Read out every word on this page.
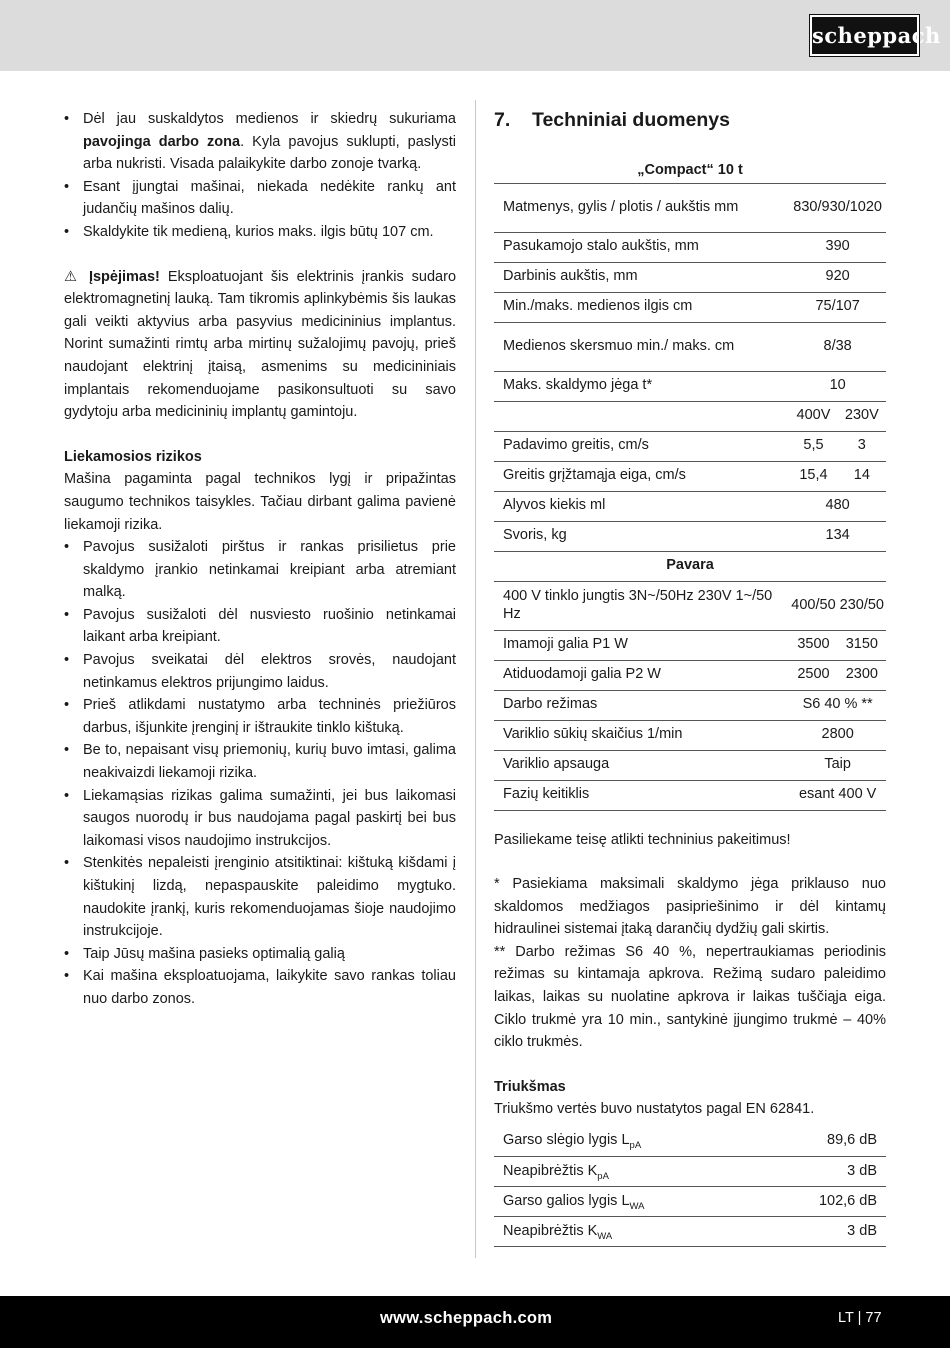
scheppach
• Dėl jau suskaldytos medienos ir skiedrų sukuriama pavojinga darbo zona. Kyla pavojus suklupti, paslysti arba nukristi. Visada palaikykite darbo zonoje tvarką.
• Esant įjungtai mašinai, niekada nedėkite rankų ant judančių mašinos dalių.
• Skaldykite tik medieną, kurios maks. ilgis būtų 107 cm.

⚠ Įspėjimas! Eksploatuojant šis elektrinis įrankis sudaro elektromagnetinį lauką. Tam tikromis aplinkybėmis šis laukas gali veikti aktyvius arba pasyvius medicininius implantus. Norint sumažinti rimtų arba mirtinų sužalojimų pavojų, prieš naudojant elektrinį įtaisą, asmenims su medicininiais implantais rekomenduojame pasikonsultuoti su savo gydytoju arba medicininių implantų gamintoju.

Liekamosios rizikos

Mašina pagaminta pagal technikos lygį ir pripažintas saugumo technikos taisykles. Tačiau dirbant galima pavienė liekamoji rizika.

• Pavojus susižaloti pirštus ir rankas prisilietus prie skaldymo įrankio netinkamai kreipiant arba atremiant malką.
• Pavojus susižaloti dėl nusviesto ruošinio netinkamai laikant arba kreipiant.
• Pavojus sveikatai dėl elektros srovės, naudojant netinkamus elektros prijungimo laidus.
• Prieš atlikdami nustatymo arba techninės priežiūros darbus, išjunkite įrenginį ir ištraukite tinklo kištuką.
• Be to, nepaisant visų priemonių, kurių buvo imtasi, galima neakivaizdi liekamoji rizika.
• Liekamąsias rizikas galima sumažinti, jei bus laikomasi saugos nuorodų ir bus naudojama pagal paskirtį bei bus laikomasi visos naudojimo instrukcijos.
• Stenkitės nepaleisti įrenginio atsitiktinai: kištuką kišdami į kištukinį lizdą, nepaspauskite paleidimo mygtuko. naudokite įrankį, kuris rekomenduojamas šioje naudojimo instrukcijoje.
• Taip Jūsų mašina pasieks optimalią galią
• Kai mašina eksploatuojama, laikykite savo rankas toliau nuo darbo zonos.
7. Techniniai duomenys
„Compact“ 10 t		
Matmenys, gylis / plotis / aukštis mm	830/930/1020	
Pasukamojo stalo aukštis, mm	390	
Darbinis aukštis, mm	920	
Min./maks. medienos ilgis cm	75/107	
Medienos skersmuo min./ maks. cm	8/38	
Maks. skaldymo jėga t*	10	
	400V	230V
Padavimo greitis, cm/s	5,5	3
Greitis grįžtamąja eiga, cm/s	15,4	14
Alyvos kiekis ml	480	
Svoris, kg	134	
Pavara		
400 V tinklo jungtis 3N~/50Hz 230V 1~/50 Hz	400/50	230/50
Imamoji galia P1 W	3500	3150
Atiduodamoji galia P2 W	2500	2300
Darbo režimas	S6 40 % **	
Variklio sūkių skaičius 1/min	2800	
Variklio apsauga	Taip	
Fazių keitiklis	esant 400 V	

Pasiliekame teisę atlikti techninius pakeitimus!

* Pasiekiama maksimali skaldymo jėga priklauso nuo skaldomos medžiagos pasipriešinimo ir dėl kintamų hidraulinei sistemai įtaką darančių dydžių gali skirtis.

** Darbo režimas S6 40 %, nepertraukiamas periodinis režimas su kintamaja apkrova. Režimą sudaro paleidimo laikas, laikas su nuolatine apkrova ir laikas tuščiąja eiga. Ciklo trukmė yra 10 min., santykinė įjungimo trukmė – 40% ciklo trukmės.

Triukšmas

Triukšmo vertės buvo nustatytos pagal EN 62841.

Garso slėgio lygis $L_{pA}$	89,6 dB
Neapibrėžtis $K_{pA}$	3 dB
Garso galios lygis $L_{WA}$	102,6 dB
Neapibrėžtis $K_{WA}$	3 dB
www.scheppach.com	LT | 77
